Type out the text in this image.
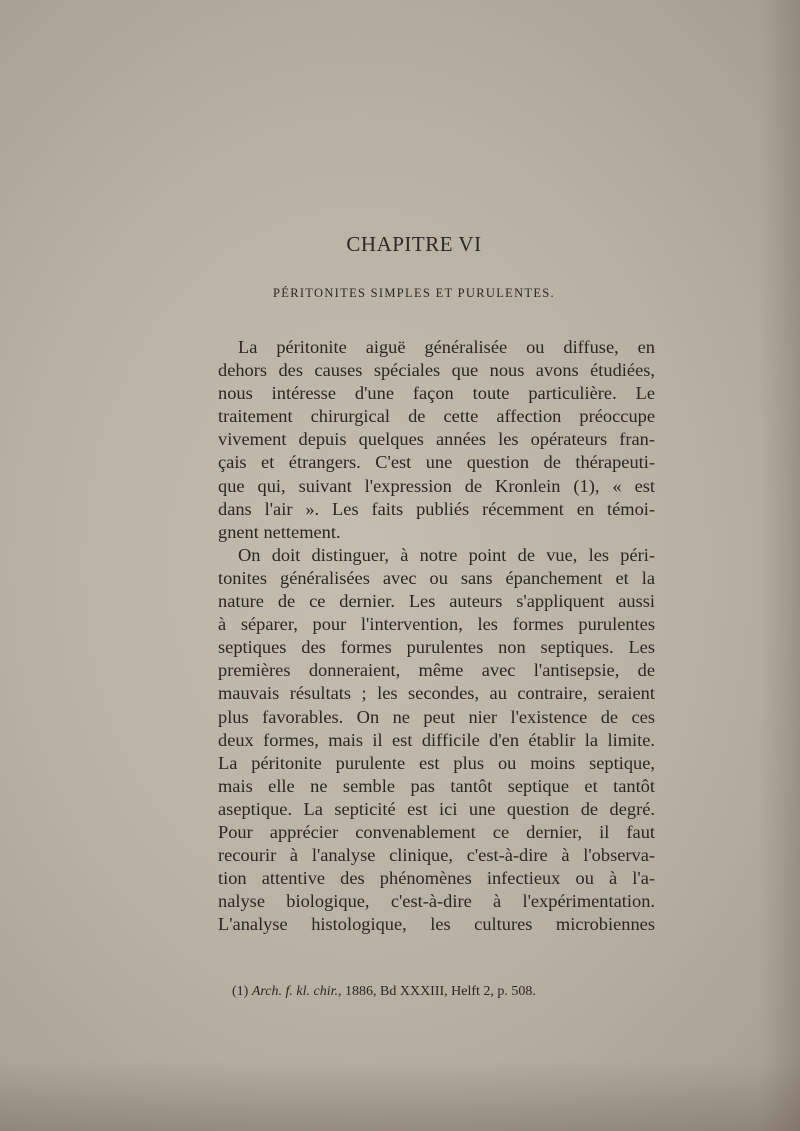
CHAPITRE VI
PÉRITONITES SIMPLES ET PURULENTES.
La péritonite aiguë généralisée ou diffuse, en
dehors des causes spéciales que nous avons étudiées,
nous intéresse d'une façon toute particulière. Le
traitement chirurgical de cette affection préoccupe
vivement depuis quelques années les opérateurs fran-
çais et étrangers. C'est une question de thérapeuti-
que qui, suivant l'expression de Kronlein (1), « est
dans l'air ». Les faits publiés récemment en témoi-
gnent nettement.
On doit distinguer, à notre point de vue, les péri-
tonites généralisées avec ou sans épanchement et la
nature de ce dernier. Les auteurs s'appliquent aussi
à séparer, pour l'intervention, les formes purulentes
septiques des formes purulentes non septiques. Les
premières donneraient, même avec l'antisepsie, de
mauvais résultats ; les secondes, au contraire, seraient
plus favorables. On ne peut nier l'existence de ces
deux formes, mais il est difficile d'en établir la limite.
La péritonite purulente est plus ou moins septique,
mais elle ne semble pas tantôt septique et tantôt
aseptique. La septicité est ici une question de degré.
Pour apprécier convenablement ce dernier, il faut
recourir à l'analyse clinique, c'est-à-dire à l'observa-
tion attentive des phénomènes infectieux ou à l'a-
nalyse biologique, c'est-à-dire à l'expérimentation.
L'analyse histologique, les cultures microbiennes
(1) Arch. f. kl. chir., 1886, Bd XXXIII, Helft 2, p. 508.
